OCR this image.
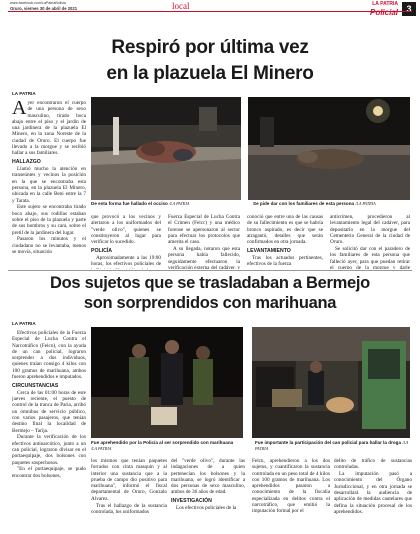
www.facebook.com/LaPatriaBolivia
Oruro, viernes 30 de abril de 2021	local	LA PATRIA
Policial 3
Respiró por última vez
en la plazuela El Minero
LA PATRIA

Ayer encontraron el cuerpo de una persona de sexo masculino, tirado boca abajo entre el piso y el jardín de una jardinera de la plazuela El Minero, en la zona Noreste de la ciudad de Oruro. El cuerpo fue llevado a la morgue y se recibió hallar a sus familiares.

HALLAZGO

Llamó mucho la atención en transeúntes y vecinos la posición en la que se encontraba esta persona, en la plazuela El Minero, ubicada en la calle Beni entre la 7 y Tarata.

Este sujeto se encontraba tirado boca abajo, sus rodillas estaban sobre el piso de la plazuela y parte de sus hombros y su cara, sobre el pretil de la jardinera del lugar.

Pasaron los minutos y el ciudadano no se levantaba, menos se movía, situación

De esta forma fue hallado el occiso /LA PATRIA	Se pide dar con los familiares de esta persona /LA PATRIA

que provocó a los vecinos y alertaron a los uniformados del "verde olivo", quienes se constituyeron al lugar para verificar lo sucedido.

POLICÍA

Aproximadamente a las 19:00 horas, los efectivos policiales de

Fuerza Especial de Lucha Contra el Crimen (Felcc) y una médico forense se apersonaron al sector para efectuar los protocolos que amerita el caso.

A su llegada, notaron que esta persona había fallecido, seguidamente efectuaron la verificación externa del cadáver, y

conoció que entre una de las causas de su fallecimiento es que se habría bronco aspirado, es decir que se atragantó, detalles que serán confirmados en otra jornada.

LEVANTAMIENTO

Tras los actuados pertinentes, efectivos de la fuerza

anticrimen, procedieron al levantamiento legal del cadáver, para depositarlo en la morgue del Cementerio General de la ciudad de Oruro.

Se solicitó dar con el paradero de los familiares de esta persona que falleció ayer, para que puedan retirar el cuerpo de la morgue y darle

Dos sujetos que se trasladaban a Bermejo
son sorprendidos con marihuana
LA PATRIA

Efectivos policiales de la Fuerza Especial de Lucha Contra el Narcotráfico (Felcn), con la ayuda de un can policial, lograron sorprender a dos individuos, quienes traían consigo 4 kilos con 100 gramos de marihuana, ambos fueron aprehendidos e imputados.

CIRCUNSTANCIAS

Cerca de las 01:00 horas de este jueves reciente, el puesto de control de la tranca de Paria, arribó un ómnibus de servicio público, con varios pasajeros, que tenían destino final la localidad de Bermejo – Tarija.

Durante la verificación de los efectivos antinarcótico, junto a un can policial, lograron divisar en el portaequipaje, dos bolsones con paquetes sospechosos.

"En el portaequipaje, se pudo encontrar dos bolsones,

Fue aprehendido por la Policía al ser sorprendido con marihuana
/LA PATRIA
Fue importante la participación del can policial para hallar la droga /LA PATRIA

los mismos que tenían paquetes forrados con cinta masquin y al interior una sustancia que a la prueba de campo dio positivo para marihuana", informó el fiscal departamental de Oruro, Gonzalo Alvarez.

Tras el hallazgo de la sustancia controlada, los uniformados

del "verde olivo", durante las indagaciones de a quien pertenecían los bolsones y la marihuana, se logró identificar a dos personas de sexo masculino, ambos de 36 años de edad.

INVESTIGACIÓN

Los efectivos policiales de la

Felcn, aprehendieron a los dos sujetos, y cuantificaron la sustancia controlada en un peso total de 4 kilos con 100 gramos de marihuana. Los aprehendidos pasaron a conocimiento de la fiscalía especializada en delitos contra el narcotráfico, que emitió la imputación formal por el

delito de tráfico de sustancias controladas.

La imputación pasó a conocimiento del Órgano Jurisdiccional, y en otra jornada se desarrollará la audiencia de aplicación de medidas cautelares que defina la situación procesal de los aprehendidos.
